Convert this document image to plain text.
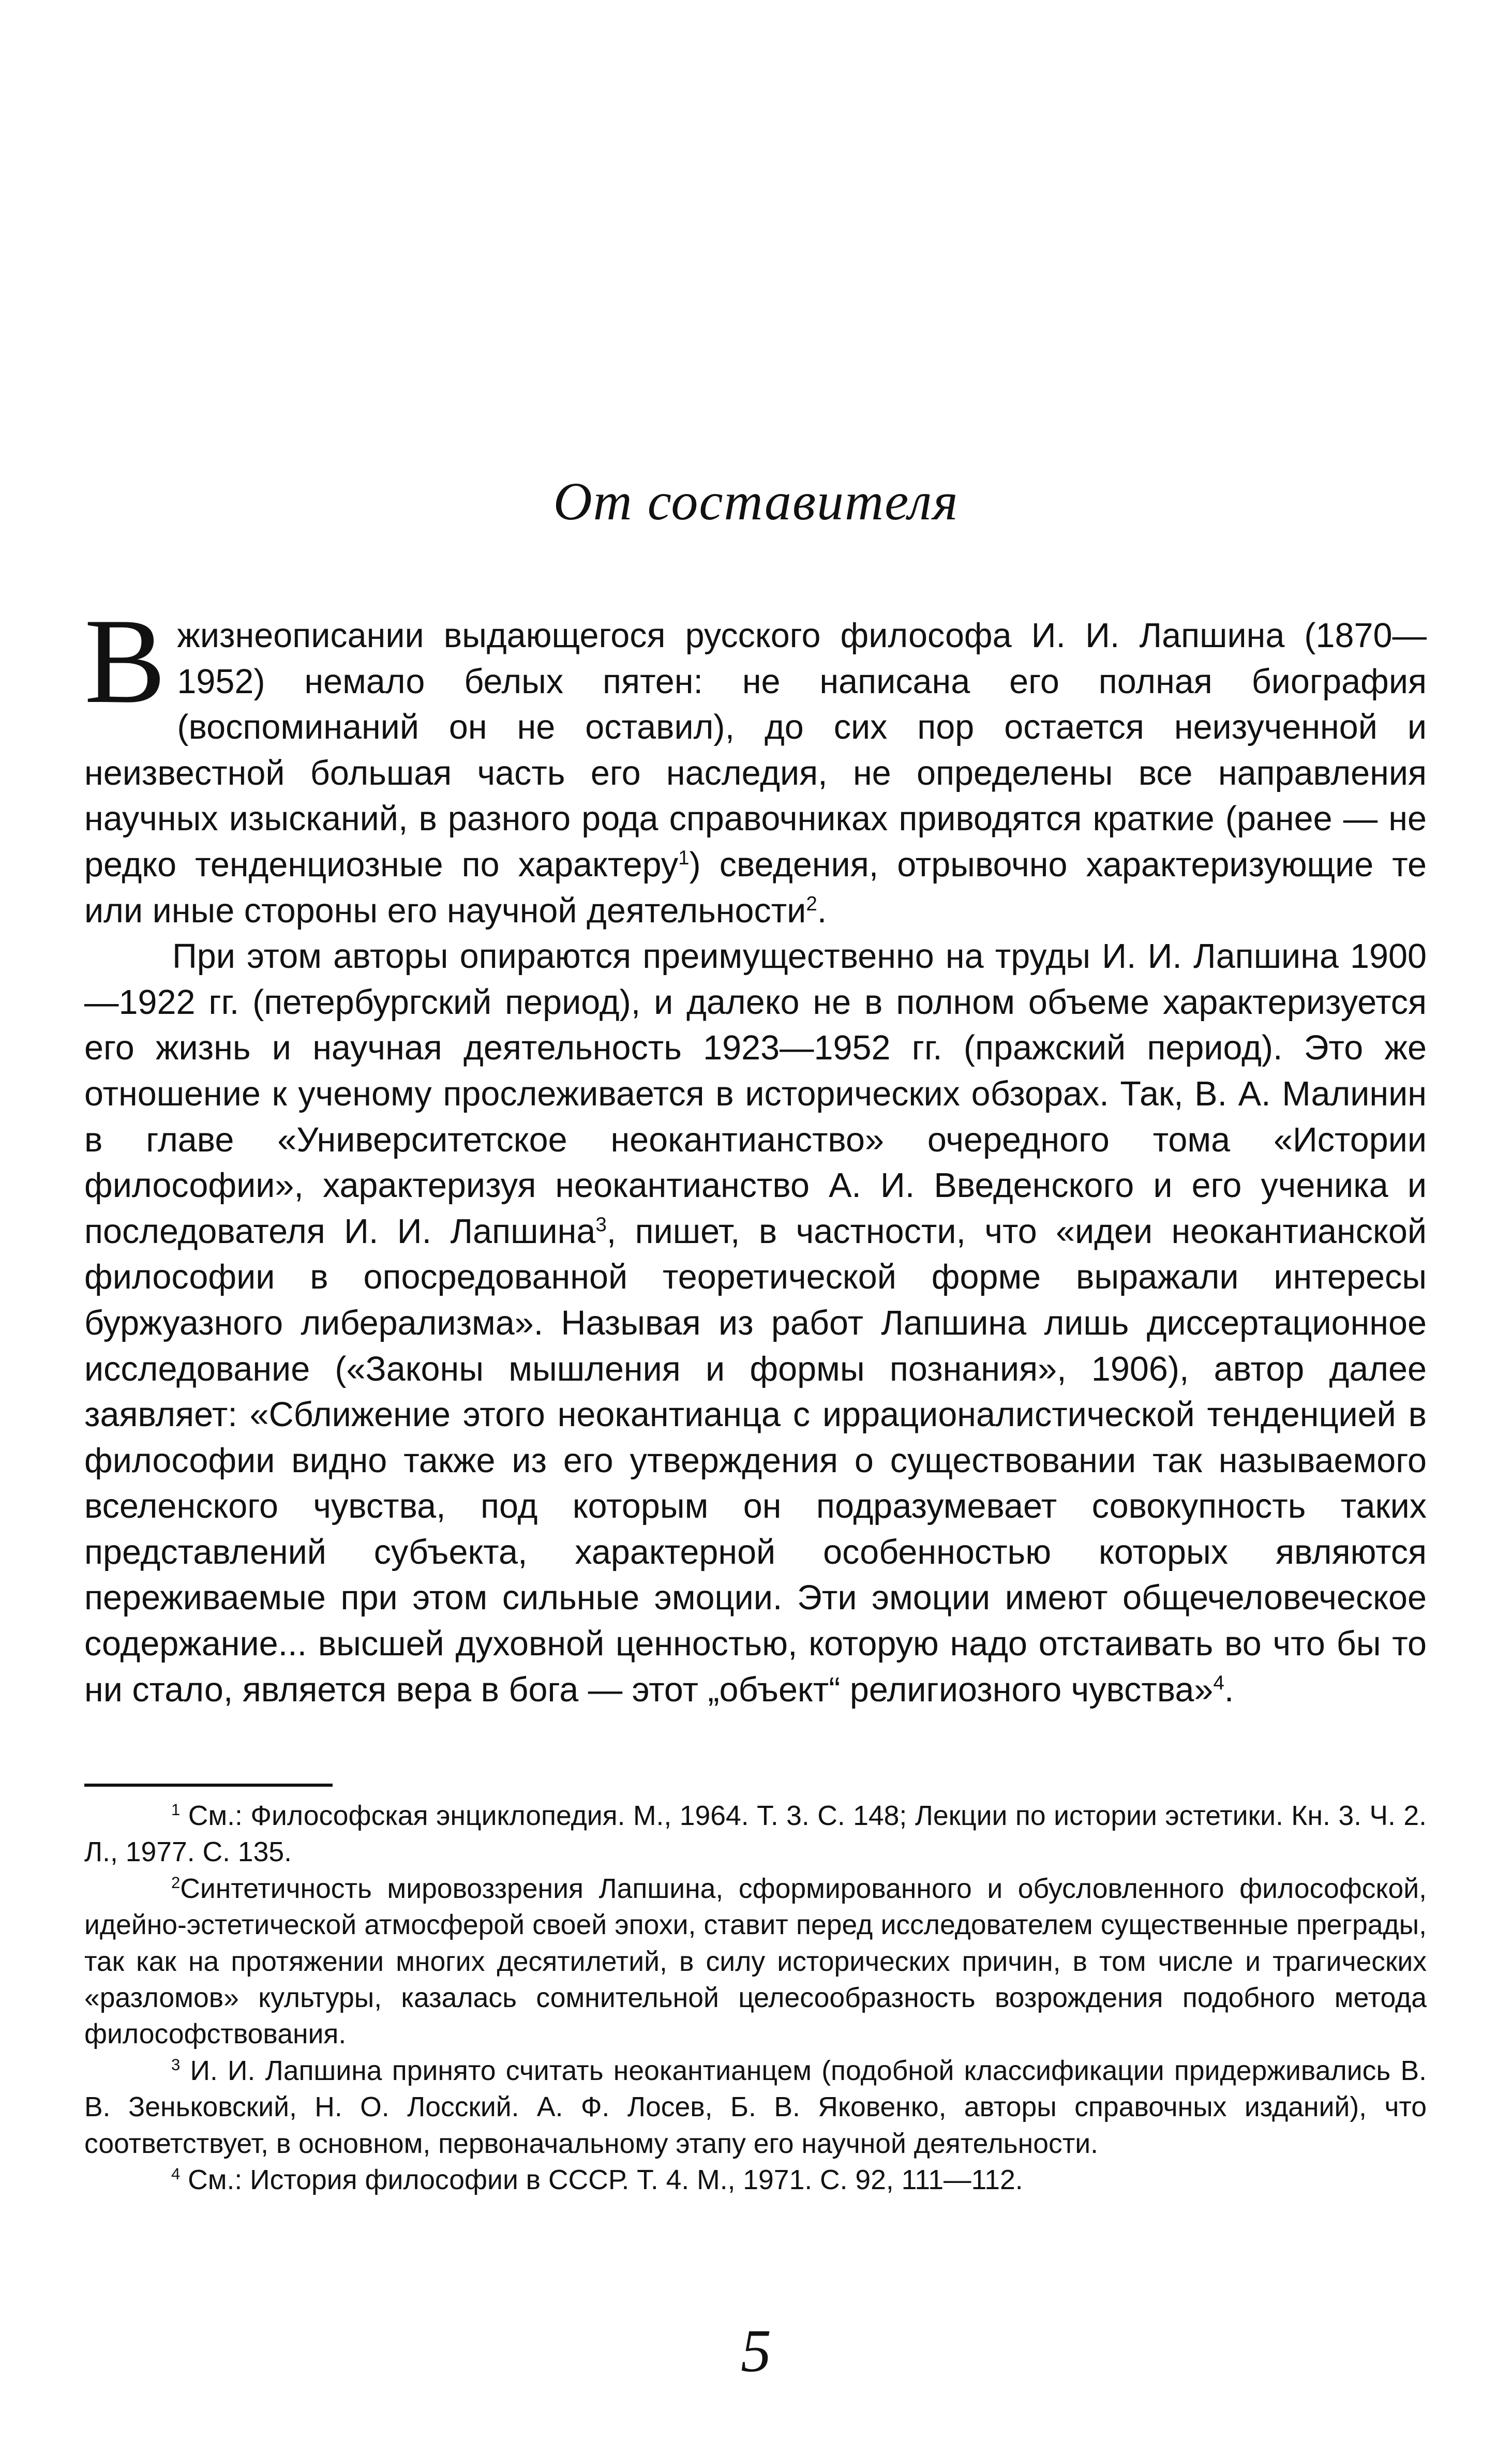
От составителя

Вжизнеописании выдающегося русского философа И. И. Лапшина (1870—1952) немало белых пятен: не написана его полная биография (воспоминаний он не оставил), до сих пор остается неизученной и неизвестной большая часть его наследия, не определены все направления научных изысканий, в разного рода справочниках приводятся краткие (ранее — не редко тенденциозные по характеру$^1$) сведения, отрывочно характеризующие те или иные стороны его научной деятельности$^2$.

При этом авторы опираются преимущественно на труды И. И. Лапшина 1900—1922 гг. (петербургский период), и далеко не в полном объеме характеризуется его жизнь и научная деятельность 1923—1952 гг. (пражский период). Это же отношение к ученому прослеживается в исторических обзорах. Так, В. А. Малинин в главе «Университетское неокантианство» очередного тома «Истории философии», характеризуя неокантианство А. И. Введенского и его ученика и последователя И. И. Лапшина$^3$, пишет, в частности, что «идеи неокантианской философии в опосредованной теоретической форме выражали интересы буржуазного либерализма». Называя из работ Лапшина лишь диссертационное исследование («Законы мышления и формы познания», 1906), автор далее заявляет: «Сближение этого неокантианца с иррационалистической тенденцией в философии видно также из его утверждения о существовании так называемого вселенского чувства, под которым он подразумевает совокупность таких представлений субъекта, характерной особенностью которых являются переживаемые при этом сильные эмоции. Эти эмоции имеют общечеловеческое содержание... высшей духовной ценностью, которую надо отстаивать во что бы то ни стало, является вера в бога — этот „объект“ религиозного чувства»$^4$.

$^1$ См.: Философская энциклопедия. М., 1964. Т. 3. С. 148; Лекции по истории эстетики. Кн. 3. Ч. 2. Л., 1977. С. 135.

$^2$Синтетичность мировоззрения Лапшина, сформированного и обусловленного философской, идейно-эстетической атмосферой своей эпохи, ставит перед исследователем существенные преграды, так как на протяжении многих десятилетий, в силу исторических причин, в том числе и трагических «разломов» культуры, казалась сомнительной целесообразность возрождения подобного метода философствования.

$^3$ И. И. Лапшина принято считать неокантианцем (подобной классификации придерживались В. В. Зеньковский, Н. О. Лосский. А. Ф. Лосев, Б. В. Яковенко, авторы справочных изданий), что соответствует, в основном, первоначальному этапу его научной деятельности.

$^4$ См.: История философии в СССР. Т. 4. М., 1971. С. 92, 111—112.

5
